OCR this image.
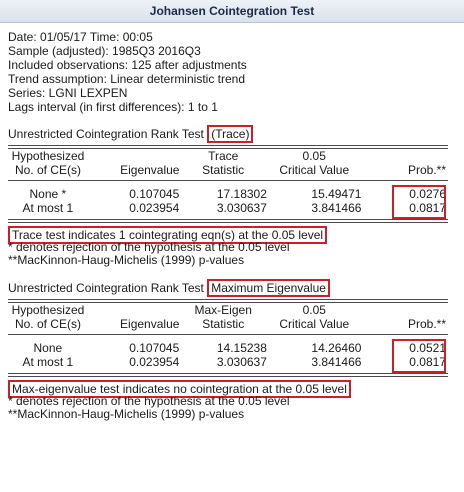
Johansen Cointegration Test
Date: 01/05/17 Time: 00:05
Sample (adjusted): 1985Q3 2016Q3
Included observations: 125 after adjustments
Trend assumption: Linear deterministic trend
Series: LGNI LEXPEN
Lags interval (in first differences): 1 to 1
Unrestricted Cointegration Rank Test (Trace)
Hypothesized		Trace	0.05	
No. of CE(s)	Eigenvalue	Statistic	Critical Value	Prob.**
None *	0.107045	17.18302	15.49471	0.0276
At most 1	0.023954	3.030637	3.841466	0.0817
Trace test indicates 1 cointegrating eqn(s) at the 0.05 level
* denotes rejection of the hypothesis at the 0.05 level
**MacKinnon-Haug-Michelis (1999) p-values
Unrestricted Cointegration Rank Test Maximum Eigenvalue
Hypothesized		Max-Eigen	0.05	
No. of CE(s)	Eigenvalue	Statistic	Critical Value	Prob.**
None	0.107045	14.15238	14.26460	0.0521
At most 1	0.023954	3.030637	3.841466	0.0817
Max-eigenvalue test indicates no cointegration at the 0.05 level
* denotes rejection of the hypothesis at the 0.05 level
**MacKinnon-Haug-Michelis (1999) p-values
